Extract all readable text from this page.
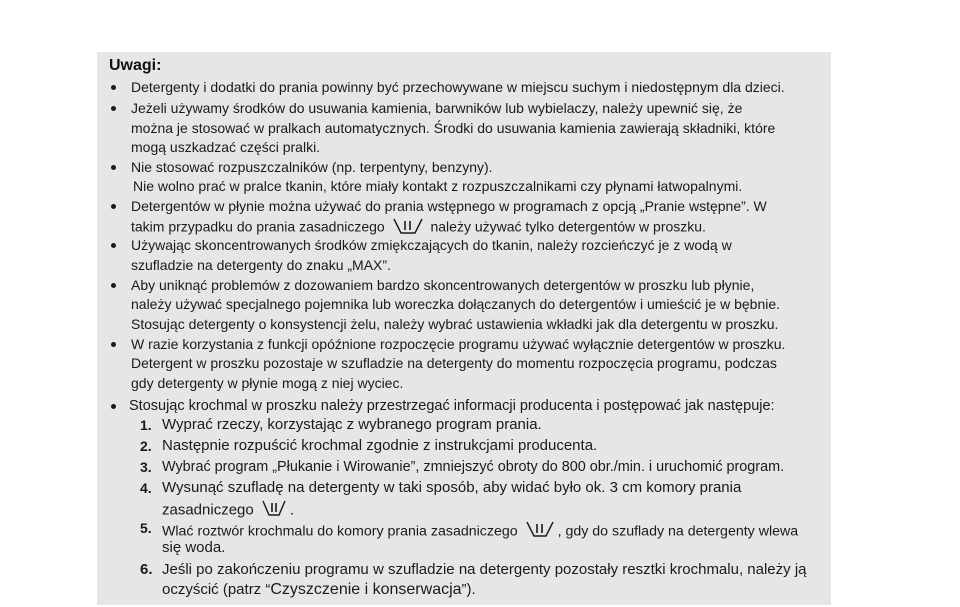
Uwagi:
Detergenty i dodatki do prania powinny być przechowywane w miejscu suchym i niedostępnym dla dzieci.
Jeżeli używamy środków do usuwania kamienia, barwników lub wybielaczy, należy upewnić się, że
można je stosować w pralkach automatycznych. Środki do usuwania kamienia zawierają składniki, które
mogą uszkadzać części pralki.
Nie stosować rozpuszczalników (np. terpentyny, benzyny).
Nie wolno prać w pralce tkanin, które miały kontakt z rozpuszczalnikami czy płynami łatwopalnymi.
Detergentów w płynie można używać do prania wstępnego w programach z opcją „Pranie wstępne”. W
takim przypadku do prania zasadniczego	należy używać tylko detergentów w proszku.
Używając skoncentrowanych środków zmiękczających do tkanin, należy rozcieńczyć je z wodą w
szufladzie na detergenty do znaku „MAX”.
Aby uniknąć problemów z dozowaniem bardzo skoncentrowanych detergentów w proszku lub płynie,
należy używać specjalnego pojemnika lub woreczka dołączanych do detergentów i umieścić je w bębnie.
Stosując detergenty o konsystencji żelu, należy wybrać ustawienia wkładki jak dla detergentu w proszku.
W razie korzystania z funkcji opóźnione rozpoczęcie programu używać wyłącznie detergentów w proszku.
Detergent w proszku pozostaje w szufladzie na detergenty do momentu rozpoczęcia programu, podczas
gdy detergenty w płynie mogą z niej wyciec.
Stosując krochmal w proszku należy przestrzegać informacji producenta i postępować jak następuje:
1. Wyprać rzeczy, korzystając z wybranego program prania.
2. Następnie rozpuścić krochmal zgodnie z instrukcjami producenta.
3. Wybrać program „Płukanie i Wirowanie”, zmniejszyć obroty do 800 obr./min. i uruchomić program.
4. Wysunąć szufladę na detergenty w taki sposób, aby widać było ok. 3 cm komory prania
zasadniczego .
5. Wlać roztwór krochmalu do komory prania zasadniczego	, gdy do szuflady na detergenty wlewa
się woda.
6. Jeśli po zakończeniu programu w szufladzie na detergenty pozostały resztki krochmalu, należy ją
oczyścić (patrz “Czyszczenie i konserwacja”).
